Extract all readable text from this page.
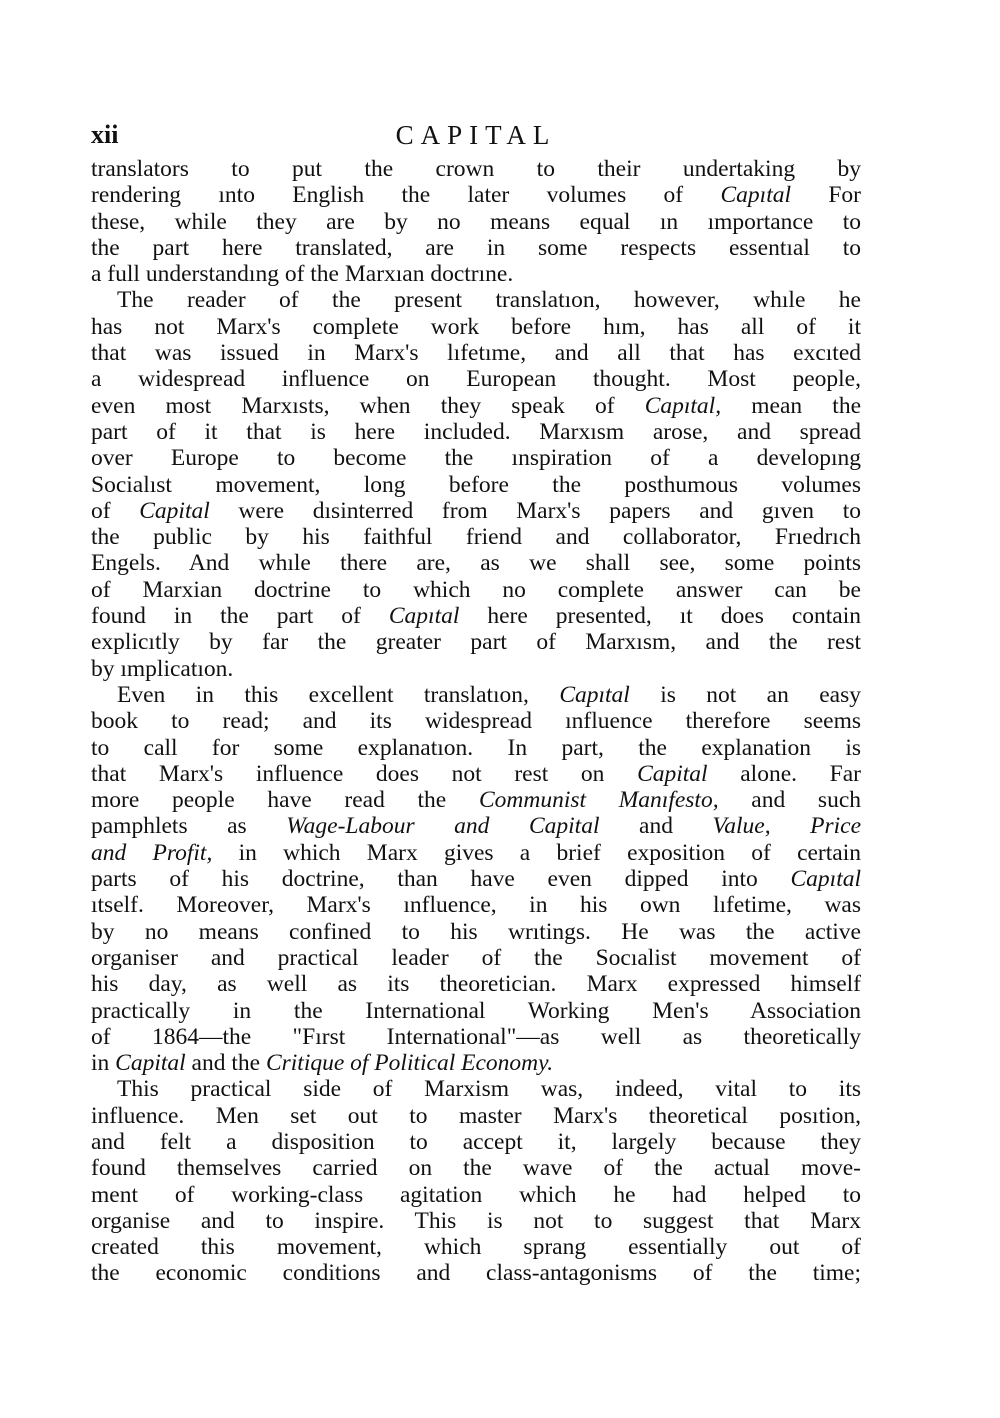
xii	CAPITAL
translators to put the crown to their undertaking by
rendering ınto English the later volumes of Capıtal For
these, while they are by no means equal ın ımportance to
the part here translated, are in some respects essentıal to
a full understandıng of the Marxıan doctrıne.
The reader of the present translatıon, however, whıle he
has not Marx's complete work before hım, has all of it
that was issued in Marx's lıfetıme, and all that has excıted
a widespread influence on European thought. Most people,
even most Marxısts, when they speak of Capıtal, mean the
part of it that is here included. Marxısm arose, and spread
over Europe to become the ınspiration of a developıng
Socialıst movement, long before the posthumous volumes
of Capital were dısinterred from Marx's papers and gıven to
the public by his faithful friend and collaborator, Frıedrıch
Engels. And whıle there are, as we shall see, some points
of Marxian doctrine to which no complete answer can be
found in the part of Capıtal here presented, ıt does contain
explicıtly by far the greater part of Marxısm, and the rest
by ımplicatıon.
Even in this excellent translatıon, Capıtal is not an easy
book to read; and its widespread ınfluence therefore seems
to call for some explanatıon. In part, the explanation is
that Marx's influence does not rest on Capital alone. Far
more people have read the Communist Manıfesto, and such
pamphlets as Wage-Labour and Capital and Value, Price
and Profit, in which Marx gives a brief exposition of certain
parts of his doctrine, than have even dipped into Capıtal
ıtself. Moreover, Marx's ınfluence, in his own lıfetime, was
by no means confined to his wrıtings. He was the active
organiser and practical leader of the Socıalist movement of
his day, as well as its theoretician. Marx expressed himself
practically in the International Working Men's Association
of 1864—the "Fırst International"—as well as theoretically
in Capital and the Critique of Political Economy.
This practical side of Marxism was, indeed, vital to its
influence. Men set out to master Marx's theoretical posıtion,
and felt a disposition to accept it, largely because they
found themselves carried on the wave of the actual move-
ment of working-class agitation which he had helped to
organise and to inspire. This is not to suggest that Marx
created this movement, which sprang essentially out of
the economic conditions and class-antagonisms of the time;
